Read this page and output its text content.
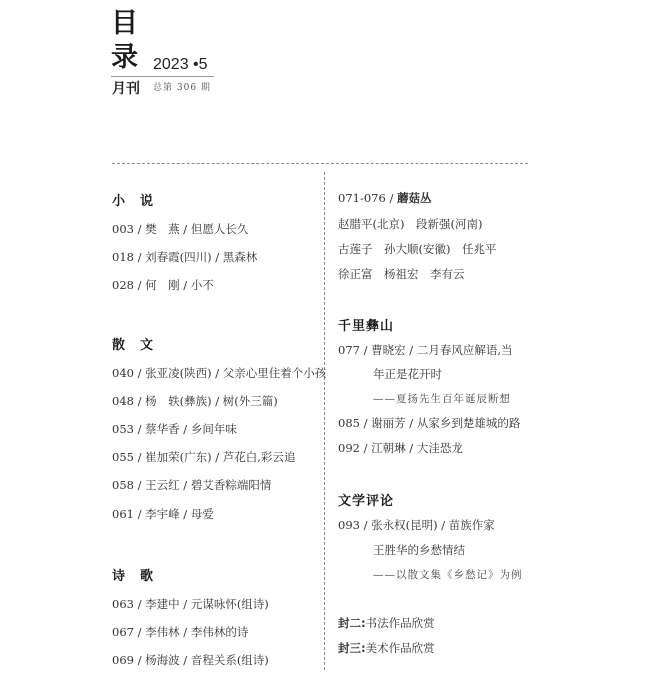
目
录 2023 •5
月刊 总第 306 期
小　说
003 / 樊　燕 / 但愿人长久
018 / 刘春霞(四川) / 黑森林
028 / 何　刚 / 小不
散　文
040 / 张亚凌(陕西) / 父亲心里住着个小孩
048 / 杨　轶(彝族) / 树(外三篇)
053 / 蔡华香 / 乡间年味
055 / 崔加荣(广东) / 芦花白,彩云追
058 / 王云红 / 碧艾香粽端阳情
061 / 李宇峰 / 母爱
诗　歌
063 / 李建中 / 元谋咏怀(组诗)
067 / 李伟林 / 李伟林的诗
069 / 杨海波 / 音程关系(组诗)
071-076 / 蘑菇丛
赵腊平(北京)　段新强(河南)
古莲子　孙大顺(安徽)　任兆平
徐正富　杨祖宏　李有云
千里彝山
077 / 曹晓宏 / 二月春风应解语,当
年正是花开时
——夏扬先生百年诞辰断想
085 / 谢丽芳 / 从家乡到楚雄城的路
092 / 江朝琳 / 大洼恐龙
文学评论
093 / 张永权(昆明) / 苗族作家
王胜华的乡愁情结
——以散文集《乡愁记》为例
封二:书法作品欣赏
封三:美术作品欣赏
